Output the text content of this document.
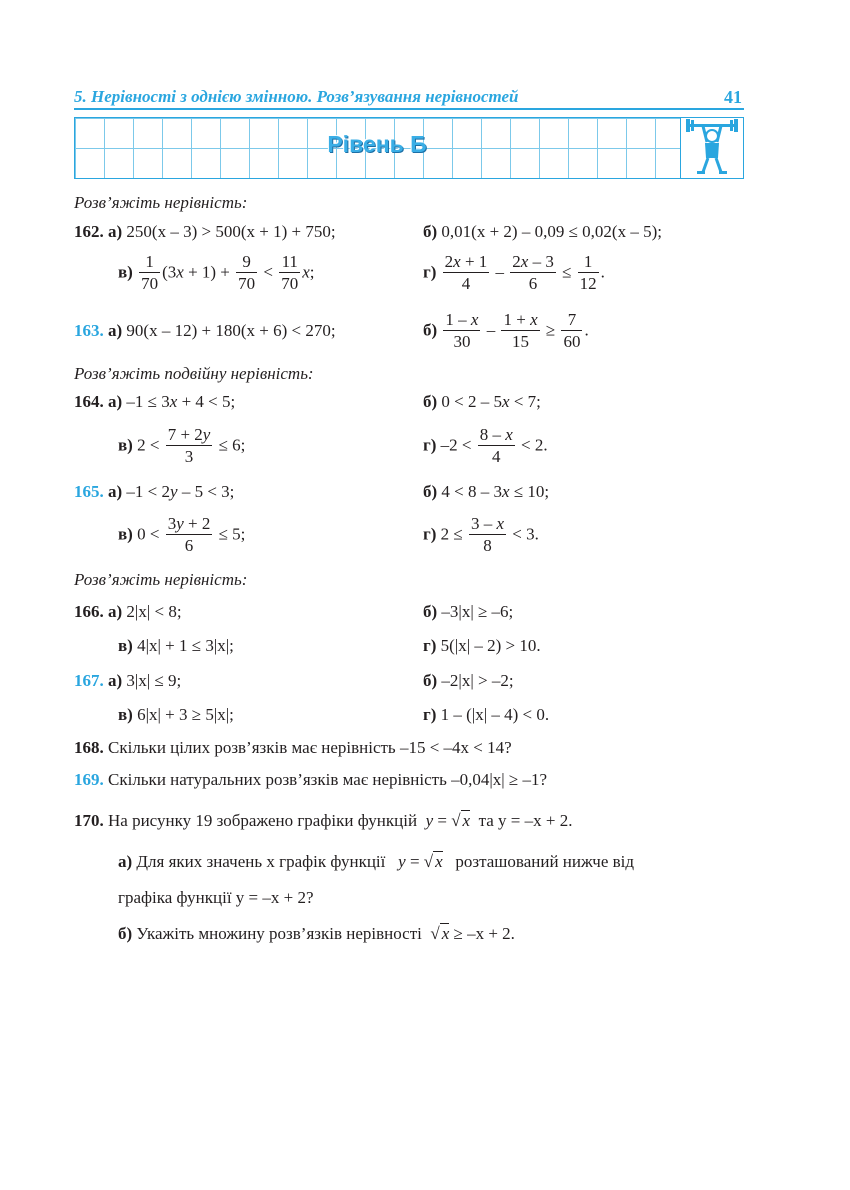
5. Нерівності з однією змінною. Розв’язування нерівностей	41
Рівень Б
Розв’яжіть нерівність:
162. а) 250(x – 3) > 500(x + 1) + 750;	б) 0,01(x + 2) – 0,09 ≤ 0,02(x – 5);
$в) \frac{1}{70} (3x + 1) + \frac{9}{70} < \frac{11}{70} x$;	$г) \frac{2x + 1}{4} - \frac{2x - 3}{6} \le \frac{1}{12}$ .
163. а) 90(x – 12) + 180(x + 6) < 270;	$б) \frac{1 - x}{30} - \frac{1 + x}{15} \ge \frac{7}{60}$ .
Розв’яжіть подвійну нерівність:
164. а) –1 ≤ 3x + 4 < 5;	б) 0 < 2 – 5x < 7;
в) $2 < \frac{7 + 2y}{3} \le 6$;	г) $-2 < \frac{8 - x}{4} < 2$.
165. а) –1 < 2y – 5 < 3;	б) 4 < 8 – 3x ≤ 10;
в) $0 < \frac{3y + 2}{6} \le 5$;	г) $2 \le \frac{3 - x}{8} < 3$.
Розв’яжіть нерівність:
166. а) 2|x| < 8;	б) –3|x| ≥ –6;
в) 4|x| + 1 ≤ 3|x|;	г) 5(|x| – 2) > 10.
167. а) 3|x| ≤ 9;	б) –2|x| > –2;
в) 6|x| + 3 ≥ 5|x|;	г) 1 – (|x| – 4) < 0.
168. Скільки цілих розв’язків має нерівність –15 < –4x < 14?
169. Скільки натуральних розв’язків має нерівність –0,04|x| ≥ –1?
170. На рисунку 19 зображено графіки функцій y = √ x та y = –x + 2.
а) Для яких значень x графік функції y = √ x розташований нижче від
графіка функції y = –x + 2?
б) Укажіть множину розв’язків нерівності  √ x ≥ –x + 2.
